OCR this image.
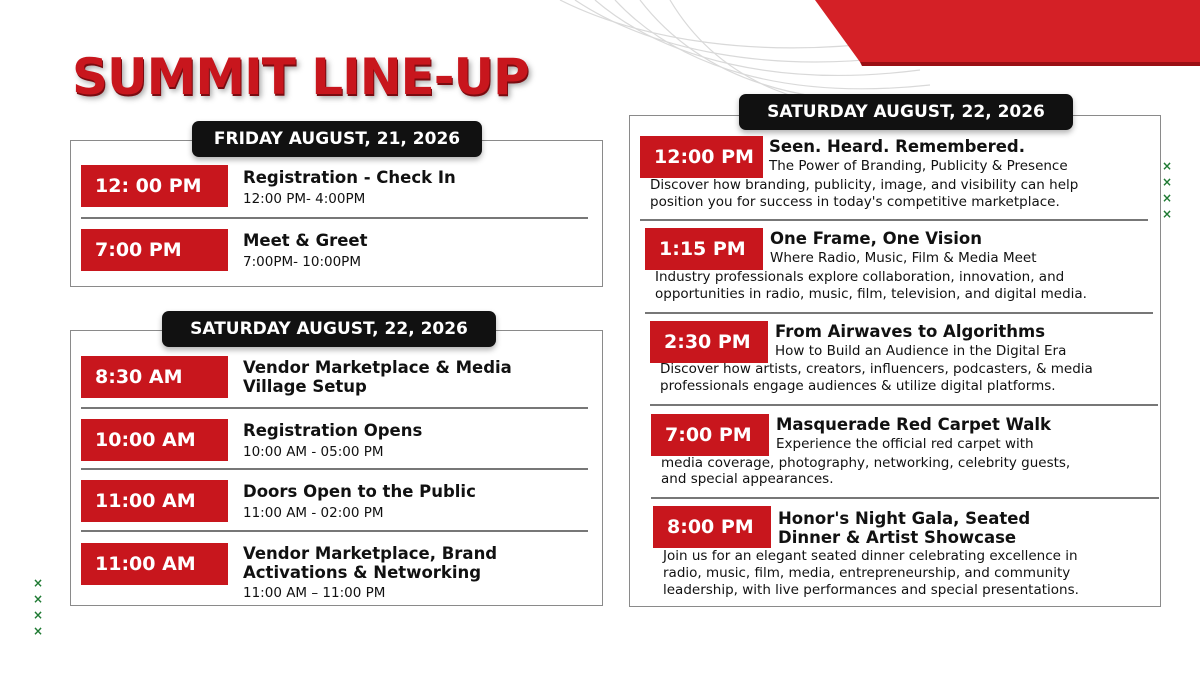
SUMMIT LINE-UP
FRIDAY AUGUST, 21, 2026
12: 00 PM	Registration - Check In
12:00 PM- 4:00PM
7:00 PM	Meet & Greet
7:00PM- 10:00PM
SATURDAY AUGUST, 22, 2026
8:30 AM	Vendor Marketplace & Media
Village Setup
10:00 AM	Registration Opens
10:00 AM - 05:00 PM
11:00 AM	Doors Open to the Public
11:00 AM - 02:00 PM
11:00 AM	Vendor Marketplace, Brand
Activations & Networking
11:00 AM – 11:00 PM
SATURDAY AUGUST, 22, 2026
12:00 PM Seen. Heard. Remembered.
The Power of Branding, Publicity & Presence
Discover how branding, publicity, image, and visibility can help
position you for success in today's competitive marketplace.
1:15 PM	One Frame, One Vision
Where Radio, Music, Film & Media Meet
Industry professionals explore collaboration, innovation, and
opportunities in radio, music, film, television, and digital media.
2:30 PM	From Airwaves to Algorithms
How to Build an Audience in the Digital Era
Discover how artists, creators, influencers, podcasters, & media
professionals engage audiences & utilize digital platforms.
7:00 PM	Masquerade Red Carpet Walk
Experience the official red carpet with
media coverage, photography, networking, celebrity guests,
and special appearances.
8:00 PM	Honor's Night Gala, Seated
Dinner & Artist Showcase
Join us for an elegant seated dinner celebrating excellence in
radio, music, film, media, entrepreneurship, and community
leadership, with live performances and special presentations.
×
×
×
×
×
×
×
×
